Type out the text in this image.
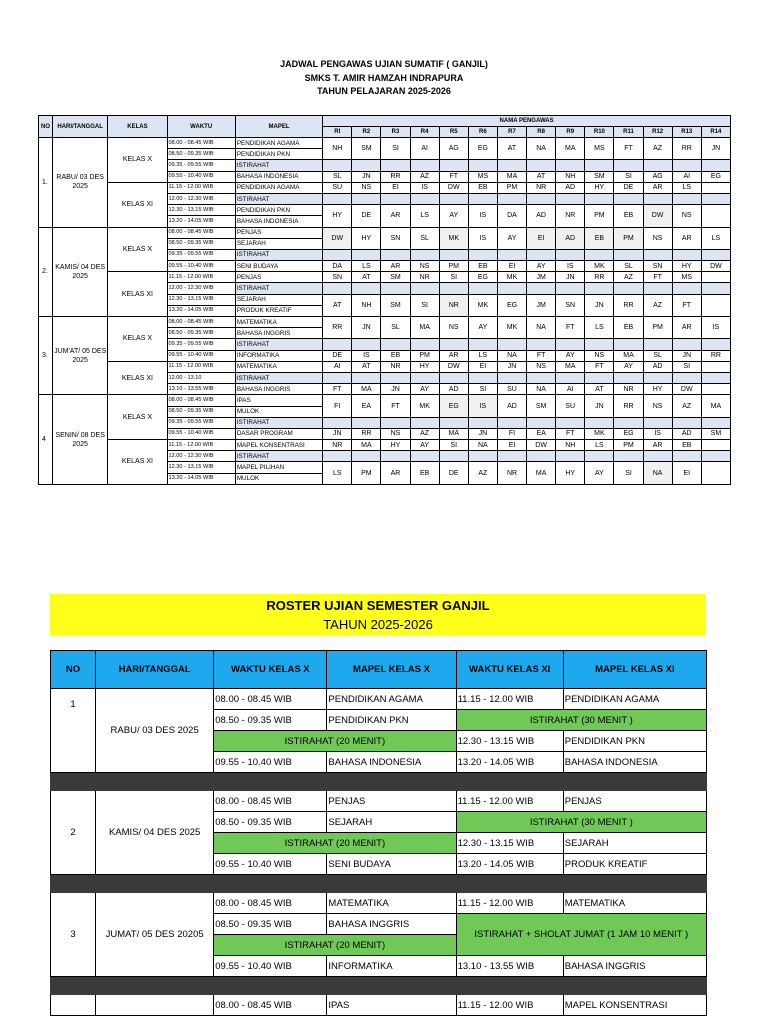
JADWAL PENGAWAS UJIAN SUMATIF ( GANJIL)
SMKS T. AMIR HAMZAH INDRAPURA
TAHUN PELAJARAN 2025-2026
NO	HARI/TANGGAL	KELAS	WAKTU	MAPEL	NAMA PENGAWAS													
					RI	R2	R3	R4	R5	R6	R7	R8	R9	R10	R11	R12	R13	R14
1.	RABU/ 03 DES 2025	KELAS X	08.00 - 08.45 WIB	PENDIDIKAN AGAMA	NH	SM	SI	AI	AG	EG	AT	NA	MA	MS	FT	AZ	RR	JN
			08.50 - 09.35 WIB	PENDIDIKAN PKN														
			09.35 - 09.55 WIB	ISTIRAHAT														
			09.55 - 10.40 WIB	BAHASA INDONESIA	SL	JN	RR	AZ	FT	MS	MA	AT	NH	SM	SI	AG	AI	EG
		KELAS XI	11.15 - 12.00 WIB	PENDIDIKAN AGAMA	SU	NS	EI	IS	DW	EB	PM	NR	AD	HY	DE	AR	LS	
			12.00 - 12.30 WIB	ISTIRAHAT														
			12.30 - 13.15 WIB	PENDIDIKAN PKN	HY	DE	AR	LS	AY	IS	DA	AD	NR	PM	EB	DW	NS	
			13.20 - 14.05 WIB	BAHASA INDONESIA														
2.	KAMIS/ 04 DES 2025	KELAS X	08.00 - 08.45 WIB	PENJAS	DW	HY	SN	SL	MK	IS	AY	EI	AD	EB	PM	NS	AR	LS
			08.50 - 09.35 WIB	SEJARAH														
			09.35 - 09.55 WIB	ISTIRAHAT														
			09.55 - 10.40 WIB	SENI BUDAYA	DA	LS	AR	NS	PM	EB	EI	AY	IS	MK	SL	SN	HY	DW
		KELAS XI	11.15 - 12.00 WIB	PENJAS	SN	AT	SM	NR	SI	EG	MK	JM	JN	RR	AZ	FT	MS	
			12.00 - 12.30 WIB	ISTIRAHAT														
			12.30 - 13.15 WIB	SEJARAH	AT	NH	SM	SI	NR	MK	EG	JM	SN	JN	RR	AZ	FT	
			13.20 - 14.05 WIB	PRODUK KREATIF														
3.	JUM'AT/ 05 DES 2025	KELAS X	08.00 - 08.45 WIB	MATEMATIKA	RR	JN	SL	MA	NS	AY	MK	NA	FT	LS	EB	PM	AR	IS
			08.50 - 09.35 WIB	BAHASA INGGRIS														
			09.35 - 09.55 WIB	ISTIRAHAT														
			09.55 - 10.40 WIB	INFORMATIKA	DE	IS	EB	PM	AR	LS	NA	FT	AY	NS	MA	SL	JN	RR
		KELAS XI	11.15 - 12.00 WIB	MATEMATIKA	AI	AT	NR	HY	DW	EI	JN	NS	MA	FT	AY	AD	SI	
			12.00 - 13.10	ISTIRAHAT														
			13.10 - 13.55 WIB	BAHASA INGGRIS	FT	MA	JN	AY	AD	SI	SU	NA	AI	AT	NR	HY	DW	
4	SENIN/ 08 DES 2025	KELAS X	08.00 - 08.45 WIB	IPAS	FI	EA	FT	MK	EG	IS	AD	SM	SU	JN	RR	NS	AZ	MA
			08.50 - 09.35 WIB	MULOK														
			09.35 - 09.55 WIB	ISTIRAHAT														
			09.55 - 10.40 WIB	DASAR PROGRAM	JN	RR	NS	AZ	MA	JN	FI	EA	FT	MK	EG	IS	AD	SM
		KELAS XI	11.15 - 12.00 WIB	MAPEL KONSENTRASI	NR	MA	HY	AY	SI	NA	EI	DW	NH	LS	PM	AR	EB	
			12.00 - 12.30 WIB	ISTIRAHAT														
			12.30 - 13.15 WIB	MAPEL PILIHAN	LS	PM	AR	EB	DE	AZ	NR	MA	HY	AY	SI	NA	EI	
			13.20 - 14.05 WIB	MULOK														
ROSTER UJIAN SEMESTER GANJIL
TAHUN 2025-2026
NO	HARI/TANGGAL	WAKTU KELAS X	MAPEL KELAS X	WAKTU KELAS XI	MAPEL KELAS XI
1	RABU/ 03 DES 2025	08.00 - 08.45 WIB	PENDIDIKAN AGAMA	11.15 - 12.00 WIB	PENDIDIKAN AGAMA
		08.50 - 09.35 WIB	PENDIDIKAN PKN	ISTIRAHAT (30 MENIT )	
		ISTIRAHAT (20 MENIT)		12.30 - 13.15 WIB	PENDIDIKAN PKN
		09.55 - 10.40 WIB	BAHASA INDONESIA	13.20 - 14.05 WIB	BAHASA INDONESIA

2	KAMIS/ 04 DES 2025	08.00 - 08.45 WIB	PENJAS	11.15 - 12.00 WIB	PENJAS
		08.50 - 09.35 WIB	SEJARAH	ISTIRAHAT (30 MENIT )	
		ISTIRAHAT (20 MENIT)		12.30 - 13.15 WIB	SEJARAH
		09.55 - 10.40 WIB	SENI BUDAYA	13.20 - 14.05 WIB	PRODUK KREATIF

3	JUMAT/ 05 DES 20205	08.00 - 08.45 WIB	MATEMATIKA	11.15 - 12.00 WIB	MATEMATIKA
		08.50 - 09.35 WIB	BAHASA INGGRIS	ISTIRAHAT + SHOLAT JUMAT (1 JAM 10 MENIT )	
		ISTIRAHAT (20 MENIT)			
		09.55 - 10.40 WIB	INFORMATIKA	13.10 - 13.55 WIB	BAHASA INGGRIS

		08.00 - 08.45 WIB	IPAS	11.15 - 12.00 WIB	MAPEL KONSENTRASI
